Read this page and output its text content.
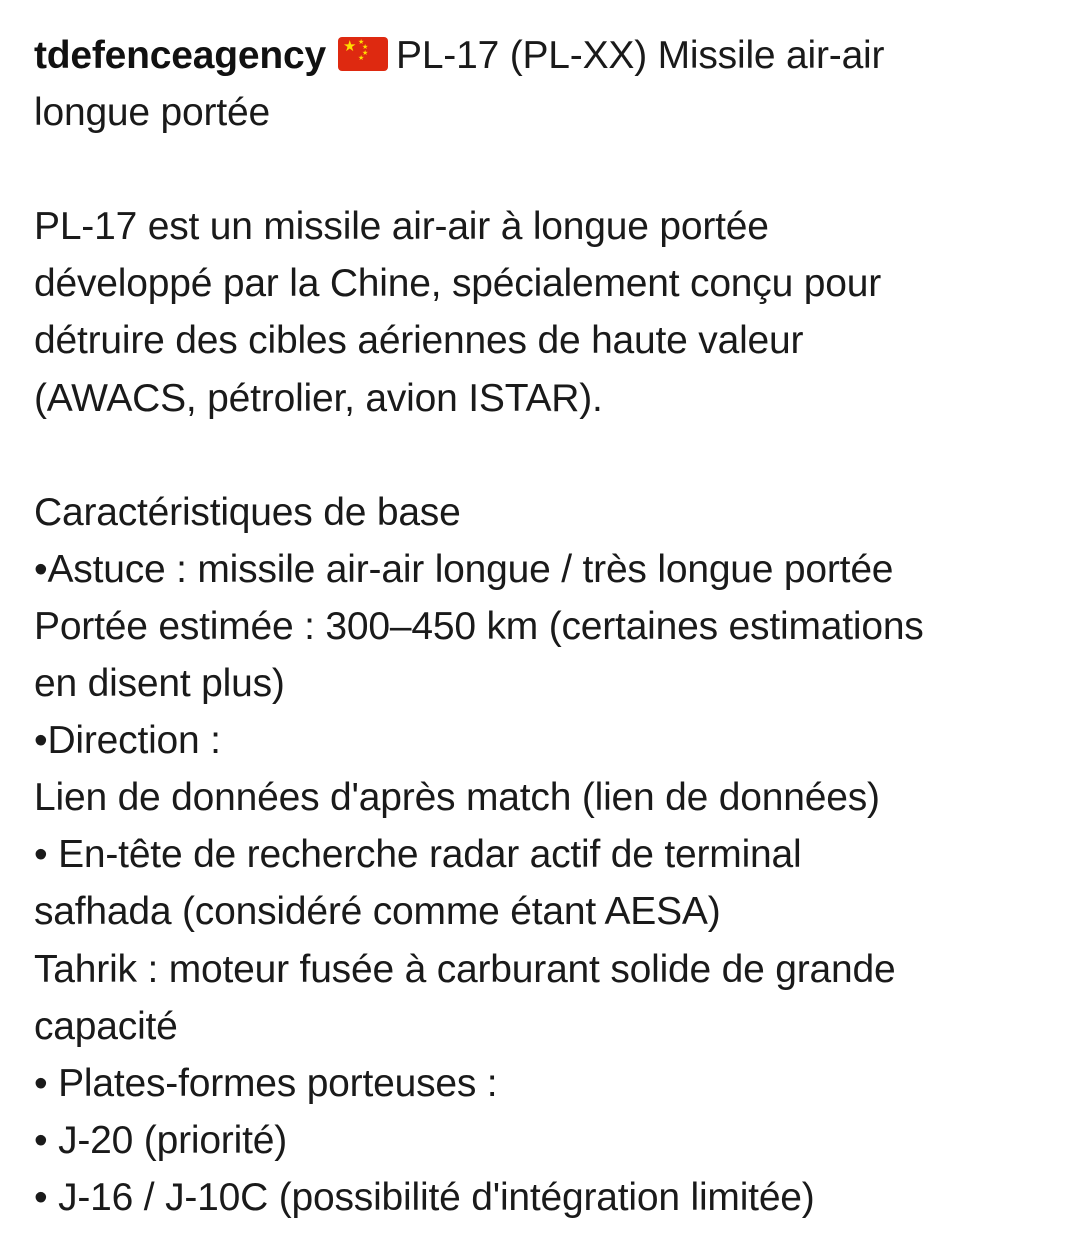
tdefenceagency ★ ★
★
★
★ PL-17 (PL-XX) Missile air-air
longue portée
PL-17 est un missile air-air à longue portée
développé par la Chine, spécialement conçu pour
détruire des cibles aériennes de haute valeur
(AWACS, pétrolier, avion ISTAR).
Caractéristiques de base
•Astuce : missile air-air longue / très longue portée
Portée estimée : 300–450 km (certaines estimations
en disent plus)
•Direction :
Lien de données d'après match (lien de données)
• En-tête de recherche radar actif de terminal
safhada (considéré comme étant AESA)
Tahrik : moteur fusée à carburant solide de grande
capacité
• Plates-formes porteuses :
• J-20 (priorité)
• J-16 / J-10C (possibilité d'intégration limitée)
